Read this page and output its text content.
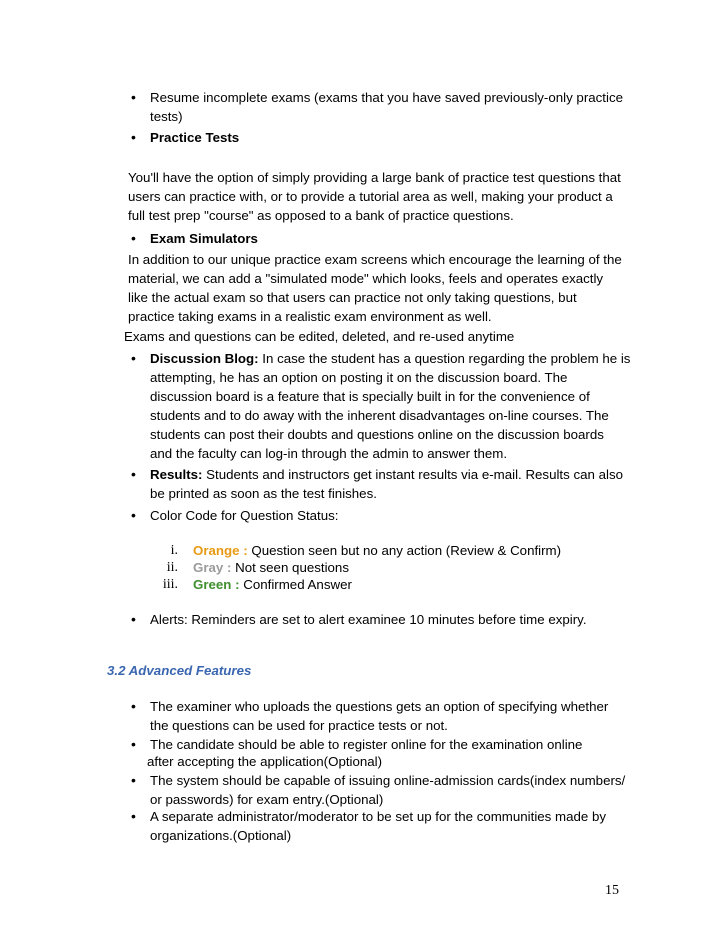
• Resume incomplete exams (exams that you have saved previously-only practice
tests)
• Practice Tests
You'll have the option of simply providing a large bank of practice test questions that
users can practice with, or to provide a tutorial area as well, making your product a
full test prep "course" as opposed to a bank of practice questions.
• Exam Simulators
In addition to our unique practice exam screens which encourage the learning of the
material, we can add a "simulated mode" which looks, feels and operates exactly
like the actual exam so that users can practice not only taking questions, but
practice taking exams in a realistic exam environment as well.
Exams and questions can be edited, deleted, and re-used anytime
• Discussion Blog: In case the student has a question regarding the problem he is
attempting, he has an option on posting it on the discussion board. The
discussion board is a feature that is specially built in for the convenience of
students and to do away with the inherent disadvantages on-line courses. The
students can post their doubts and questions online on the discussion boards
and the faculty can log-in through the admin to answer them.
• Results: Students and instructors get instant results via e-mail. Results can also
be printed as soon as the test finishes.
• Color Code for Question Status:
i. Orange : Question seen but no any action (Review & Confirm)
ii. Gray : Not seen questions
iii. Green : Confirmed Answer
• Alerts: Reminders are set to alert examinee 10 minutes before time expiry.
3.2 Advanced Features
• The examiner who uploads the questions gets an option of specifying whether
the questions can be used for practice tests or not.
• The candidate should be able to register online for the examination online
after accepting the application(Optional)
• The system should be capable of issuing online-admission cards(index numbers/
or passwords) for exam entry.(Optional)
• A separate administrator/moderator to be set up for the communities made by
organizations.(Optional)
15
